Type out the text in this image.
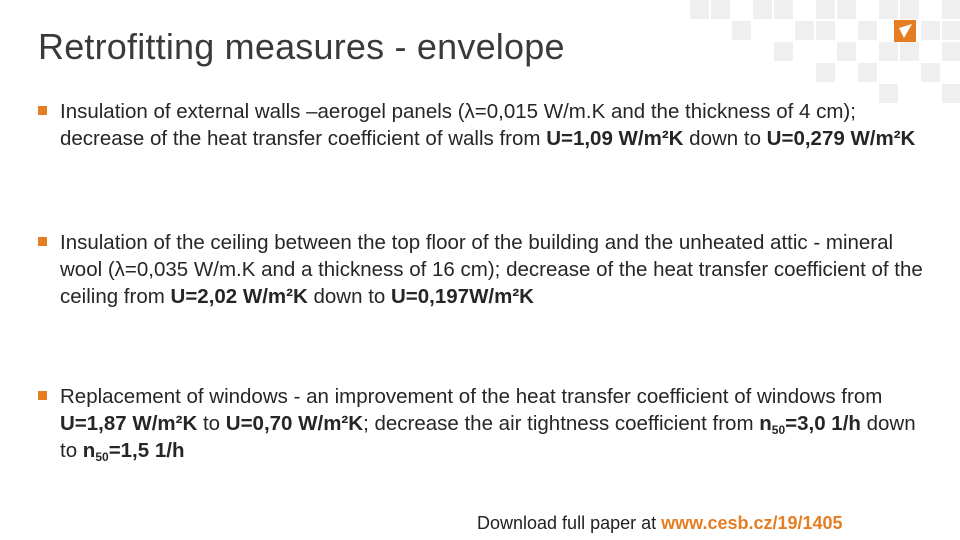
Retrofitting measures - envelope
Insulation of external walls –aerogel panels (λ=0,015 W/m.K and the thickness of 4 cm); decrease of the heat transfer coefficient of walls from U=1,09 W/m²K down to U=0,279 W/m²K
Insulation of the ceiling between the top floor of the building and the unheated attic - mineral wool (λ=0,035 W/m.K and a thickness of 16 cm); decrease of the heat transfer coefficient of the ceiling from U=2,02 W/m²K down to U=0,197W/m²K
Replacement of windows - an improvement of the heat transfer coefficient of windows from U=1,87 W/m²K to U=0,70 W/m²K; decrease the air tightness coefficient from $n_{50}=3,0$ 1/h down to $n_{50}=1,5$ 1/h
Download full paper at www.cesb.cz/19/1405
